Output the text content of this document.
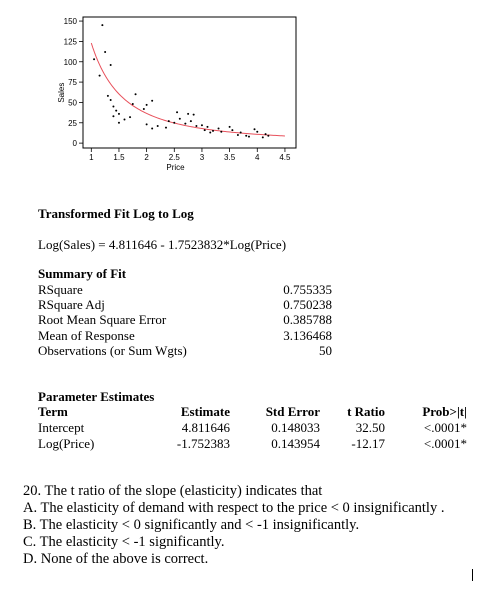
0
25
50
75
100
125
150
1 1.5 2 2.5 3 3.5 4 4.5
Price
Sales
Transformed Fit Log to Log
Log(Sales) = 4.811646 - 1.7523832*Log(Price)
Summary of Fit
RSquare	0.755335
RSquare Adj	0.750238
Root Mean Square Error	0.385788
Mean of Response	3.136468
Observations (or Sum Wgts)	50
Parameter Estimates
Term	Estimate	Std Error	t Ratio	Prob>|t|
Intercept	4.811646	0.148033	32.50	<.0001*
Log(Price)	-1.752383	0.143954	-12.17	<.0001*
20. The t ratio of the slope (elasticity) indicates that
A. The elasticity of demand with respect to the price < 0 insignificantly .
B. The elasticity < 0 significantly and < -1 insignificantly.
C. The elasticity < -1 significantly.
D. None of the above is correct.
